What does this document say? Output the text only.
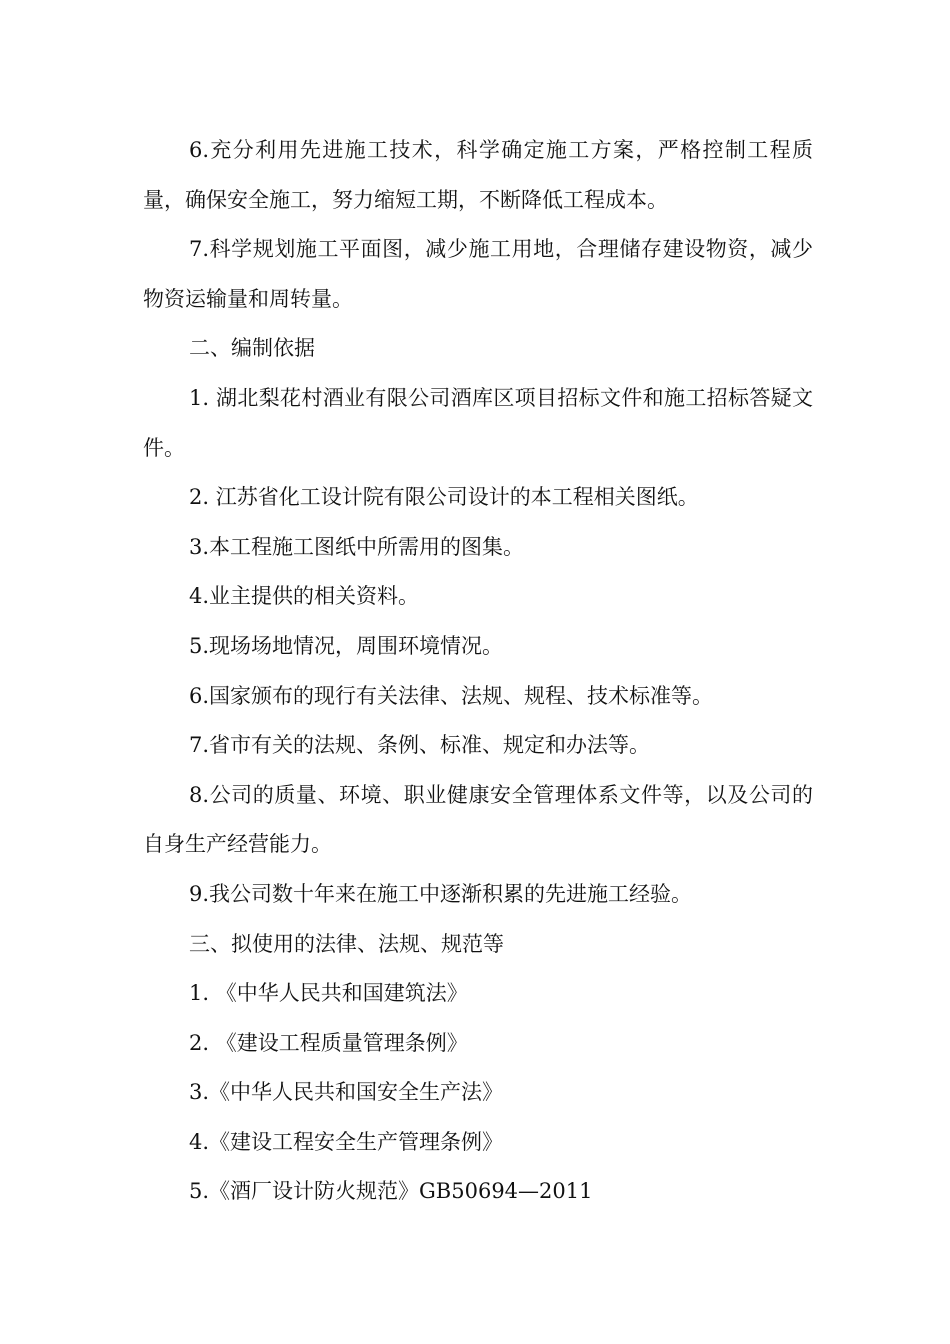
6.充分利用先进施工技术，科学确定施工方案，严格控制工程质量，确保安全施工，努力缩短工期，不断降低工程成本。

7.科学规划施工平面图，减少施工用地，合理储存建设物资，减少物资运输量和周转量。

二、编制依据

1. 湖北梨花村酒业有限公司酒库区项目招标文件和施工招标答疑文件。

2. 江苏省化工设计院有限公司设计的本工程相关图纸。

3.本工程施工图纸中所需用的图集。

4.业主提供的相关资料。

5.现场场地情况，周围环境情况。

6.国家颁布的现行有关法律、法规、规程、技术标准等。

7.省市有关的法规、条例、标准、规定和办法等。

8.公司的质量、环境、职业健康安全管理体系文件等，以及公司的自身生产经营能力。

9.我公司数十年来在施工中逐渐积累的先进施工经验。

三、拟使用的法律、法规、规范等

1. 《中华人民共和国建筑法》

2. 《建设工程质量管理条例》

3.《中华人民共和国安全生产法》

4.《建设工程安全生产管理条例》

5.《酒厂设计防火规范》GB50694—2011
